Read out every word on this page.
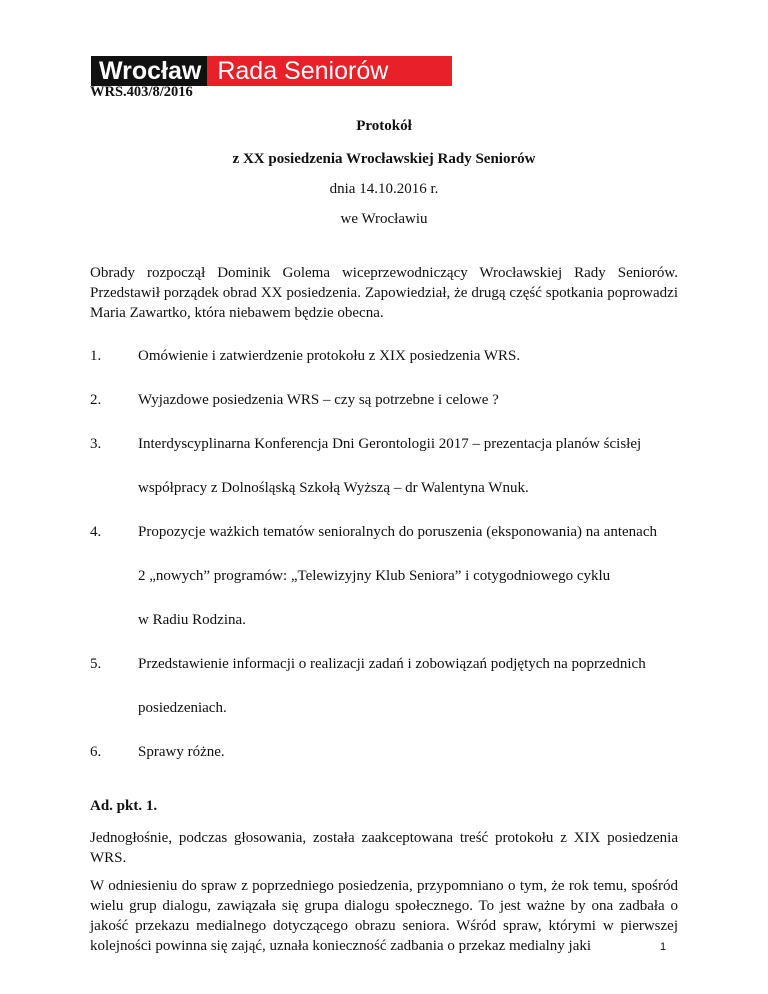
Wrocław Rada Seniorów
WRS.403/8/2016
Protokół
z XX posiedzenia Wrocławskiej Rady Seniorów
dnia 14.10.2016 r.
we Wrocławiu
Obrady rozpoczął Dominik Golema wiceprzewodniczący Wrocławskiej Rady Seniorów. Przedstawił porządek obrad XX posiedzenia. Zapowiedział, że drugą część spotkania poprowadzi Maria Zawartko, która niebawem będzie obecna.
1. Omówienie i zatwierdzenie protokołu z XIX posiedzenia WRS.
2. Wyjazdowe posiedzenia WRS – czy są potrzebne i celowe ?
3. Interdyscyplinarna Konferencja Dni Gerontologii 2017 – prezentacja planów ścisłej
współpracy z Dolnośląską Szkołą Wyższą – dr Walentyna Wnuk.
4. Propozycje ważkich tematów senioralnych do poruszenia (eksponowania) na antenach
2 „nowych” programów: „Telewizyjny Klub Seniora” i cotygodniowego cyklu
w Radiu Rodzina.
5. Przedstawienie informacji o realizacji zadań i zobowiązań podjętych na poprzednich
posiedzeniach.
6. Sprawy różne.
Ad. pkt. 1.
Jednogłośnie, podczas głosowania, została zaakceptowana treść protokołu z XIX posiedzenia WRS.
W odniesieniu do spraw z poprzedniego posiedzenia, przypomniano o tym, że rok temu, spośród wielu grup dialogu, zawiązała się grupa dialogu społecznego. To jest ważne by ona zadbała o jakość przekazu medialnego dotyczącego obrazu seniora. Wśród spraw, którymi w pierwszej kolejności powinna się zająć, uznała konieczność zadbania o przekaz medialny jaki	1
